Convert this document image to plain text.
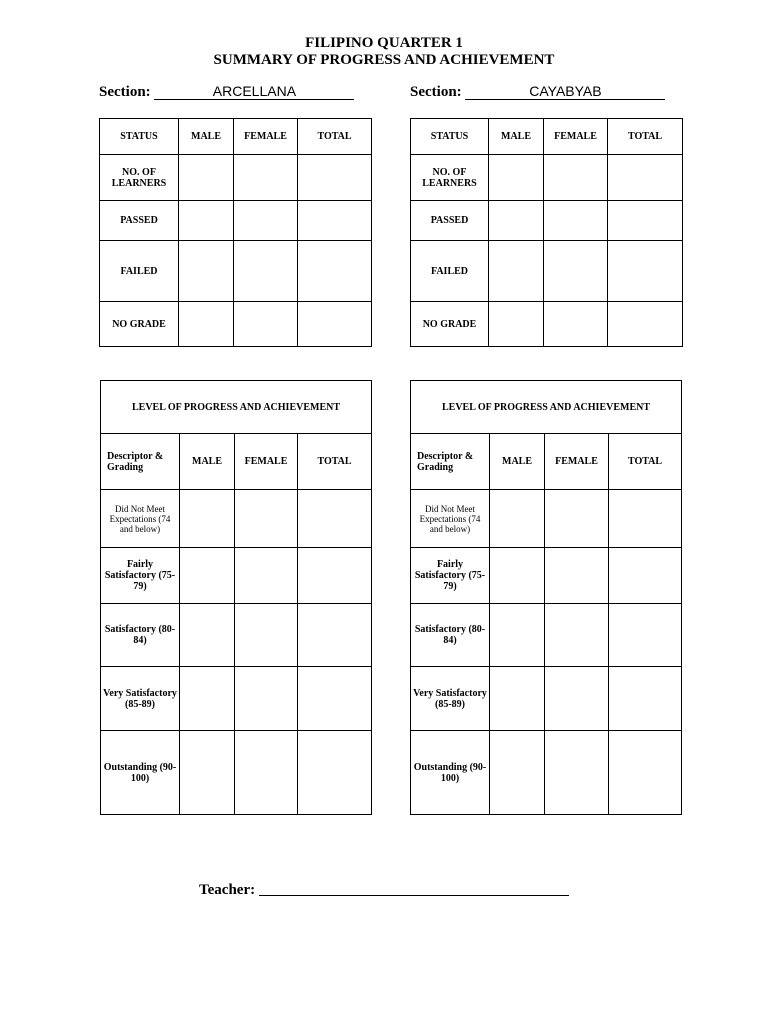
FILIPINO QUARTER 1
SUMMARY OF PROGRESS AND ACHIEVEMENT
Section:	ARCELLANA	Section:	CAYABYAB
STATUS	MALE	FEMALE	TOTAL
NO. OF LEARNERS			
PASSED			
FAILED			
NO GRADE			
STATUS	MALE	FEMALE	TOTAL
NO. OF LEARNERS			
PASSED			
FAILED			
NO GRADE			
LEVEL OF PROGRESS AND ACHIEVEMENT			
Descriptor & Grading	MALE	FEMALE	TOTAL
Did Not Meet Expectations (74 and below)			
Fairly Satisfactory (75-79)			
Satisfactory (80-84)			
Very Satisfactory (85-89)			
Outstanding (90-100)			
LEVEL OF PROGRESS AND ACHIEVEMENT			
Descriptor & Grading	MALE	FEMALE	TOTAL
Did Not Meet Expectations (74 and below)			
Fairly Satisfactory (75-79)			
Satisfactory (80-84)			
Very Satisfactory (85-89)			
Outstanding (90-100)			
Teacher:
